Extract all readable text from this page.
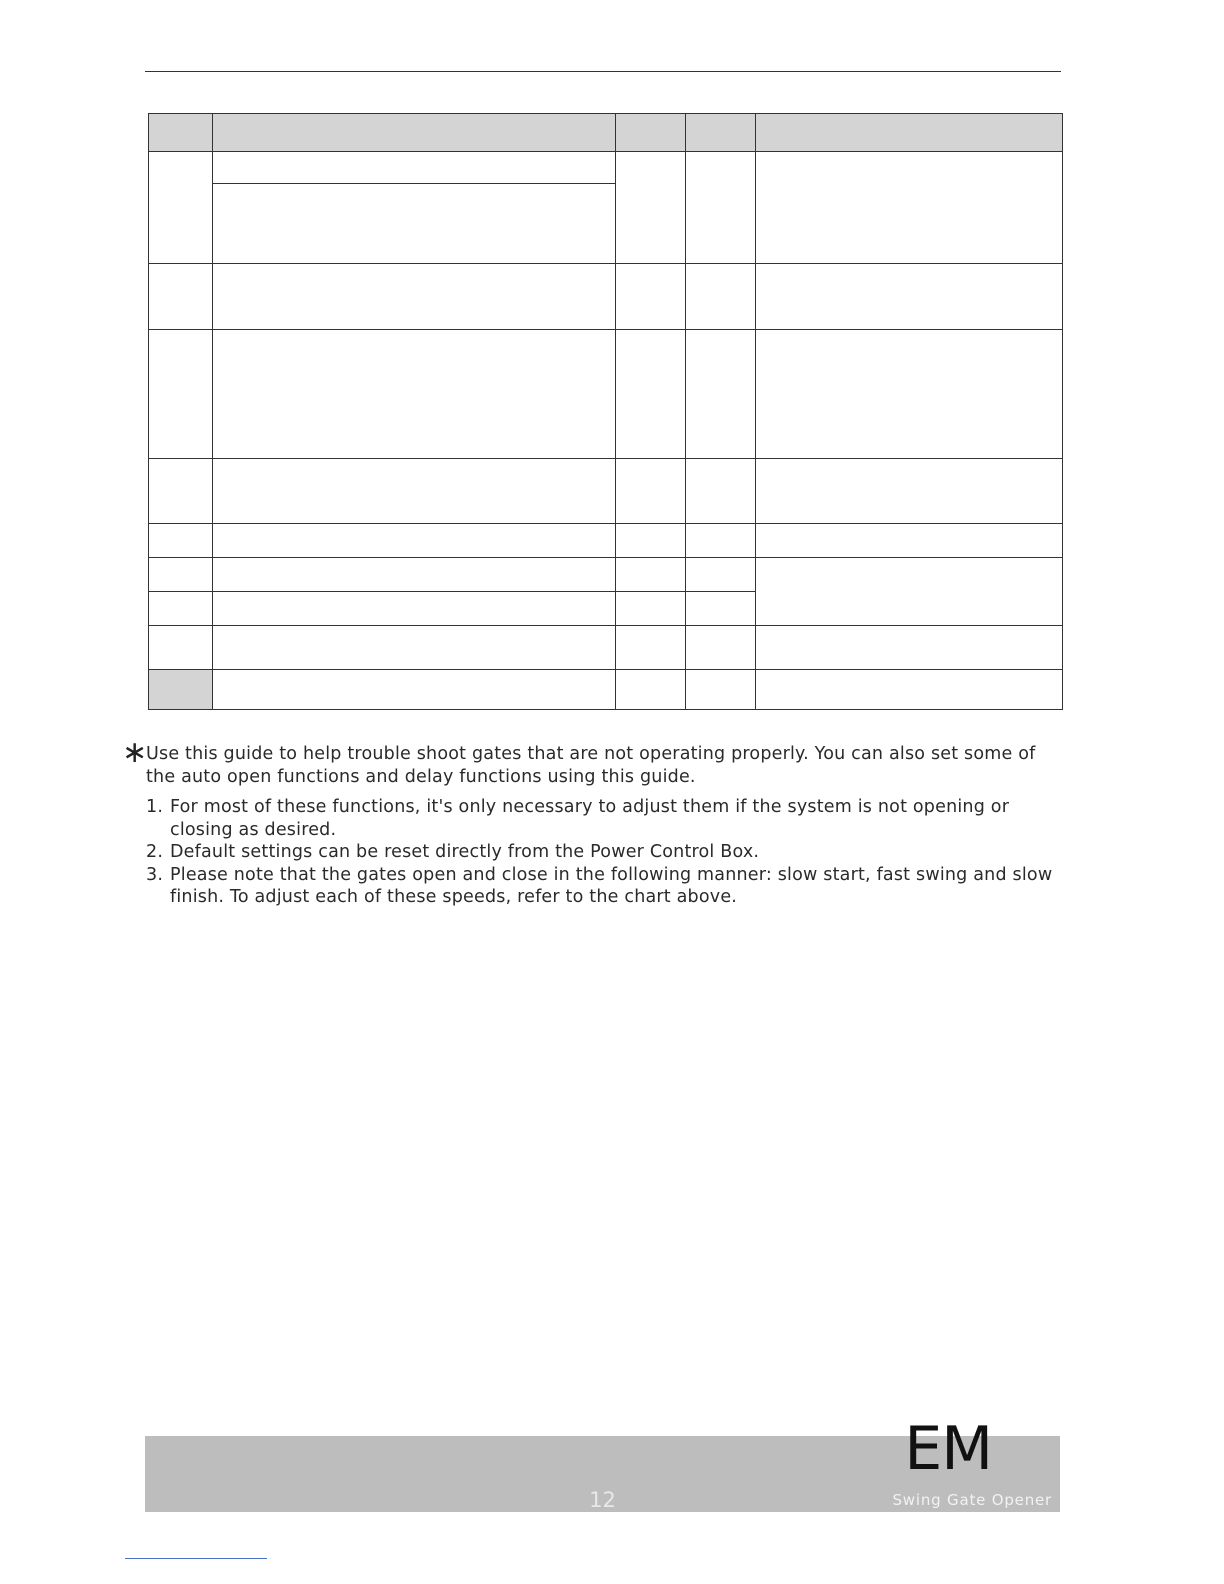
∗
Use this guide to help trouble shoot gates that are not operating properly. You can also set some of the auto open functions and delay functions using this guide.

1. For most of these functions, it's only necessary to adjust them if the system is not opening or closing as desired.
2. Default settings can be reset directly from the Power Control Box.
3. Please note that the gates open and close in the following manner: slow start, fast swing and slow finish. To adjust each of these speeds, refer to the chart above.
12
EM
Swing Gate Opener
